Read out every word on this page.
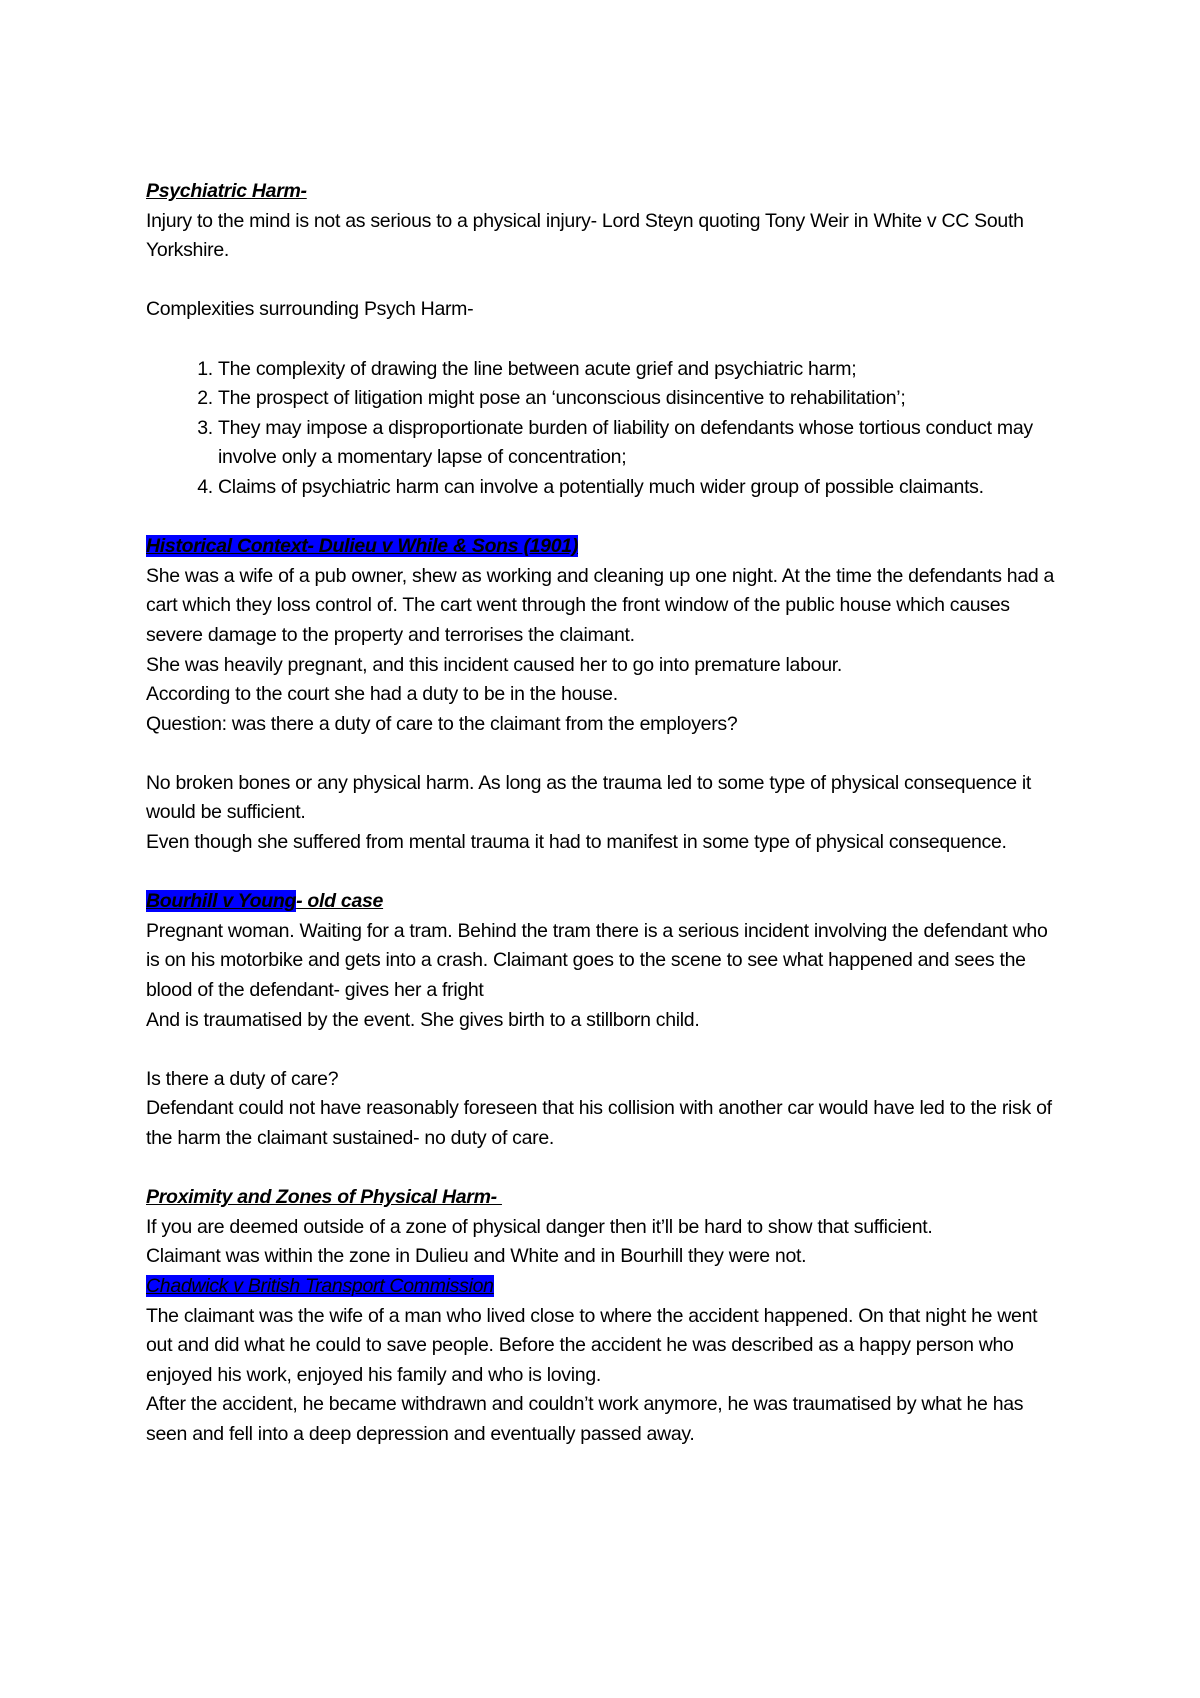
Psychiatric Harm-

Injury to the mind is not as serious to a physical injury- Lord Steyn quoting Tony Weir in White v CC South Yorkshire.

Complexities surrounding Psych Harm-

1. The complexity of drawing the line between acute grief and psychiatric harm;
2. The prospect of litigation might pose an ‘unconscious disincentive to rehabilitation’;
3. They may impose a disproportionate burden of liability on defendants whose tortious conduct may involve only a momentary lapse of concentration;
4. Claims of psychiatric harm can involve a potentially much wider group of possible claimants.

Historical Context- Dulieu v While & Sons (1901)

She was a wife of a pub owner, shew as working and cleaning up one night. At the time the defendants had a cart which they loss control of. The cart went through the front window of the public house which causes severe damage to the property and terrorises the claimant.

She was heavily pregnant, and this incident caused her to go into premature labour.

According to the court she had a duty to be in the house.

Question: was there a duty of care to the claimant from the employers?

No broken bones or any physical harm. As long as the trauma led to some type of physical consequence it would be sufficient.

Even though she suffered from mental trauma it had to manifest in some type of physical consequence.

Bourhill v Young- old case

Pregnant woman. Waiting for a tram. Behind the tram there is a serious incident involving the defendant who is on his motorbike and gets into a crash. Claimant goes to the scene to see what happened and sees the blood of the defendant- gives her a fright

And is traumatised by the event. She gives birth to a stillborn child.

Is there a duty of care?

Defendant could not have reasonably foreseen that his collision with another car would have led to the risk of the harm the claimant sustained- no duty of care.

Proximity and Zones of Physical Harm-

If you are deemed outside of a zone of physical danger then it’ll be hard to show that sufficient.

Claimant was within the zone in Dulieu and White and in Bourhill they were not.

Chadwick v British Transport Commission

The claimant was the wife of a man who lived close to where the accident happened. On that night he went out and did what he could to save people. Before the accident he was described as a happy person who enjoyed his work, enjoyed his family and who is loving.

After the accident, he became withdrawn and couldn’t work anymore, he was traumatised by what he has seen and fell into a deep depression and eventually passed away.
